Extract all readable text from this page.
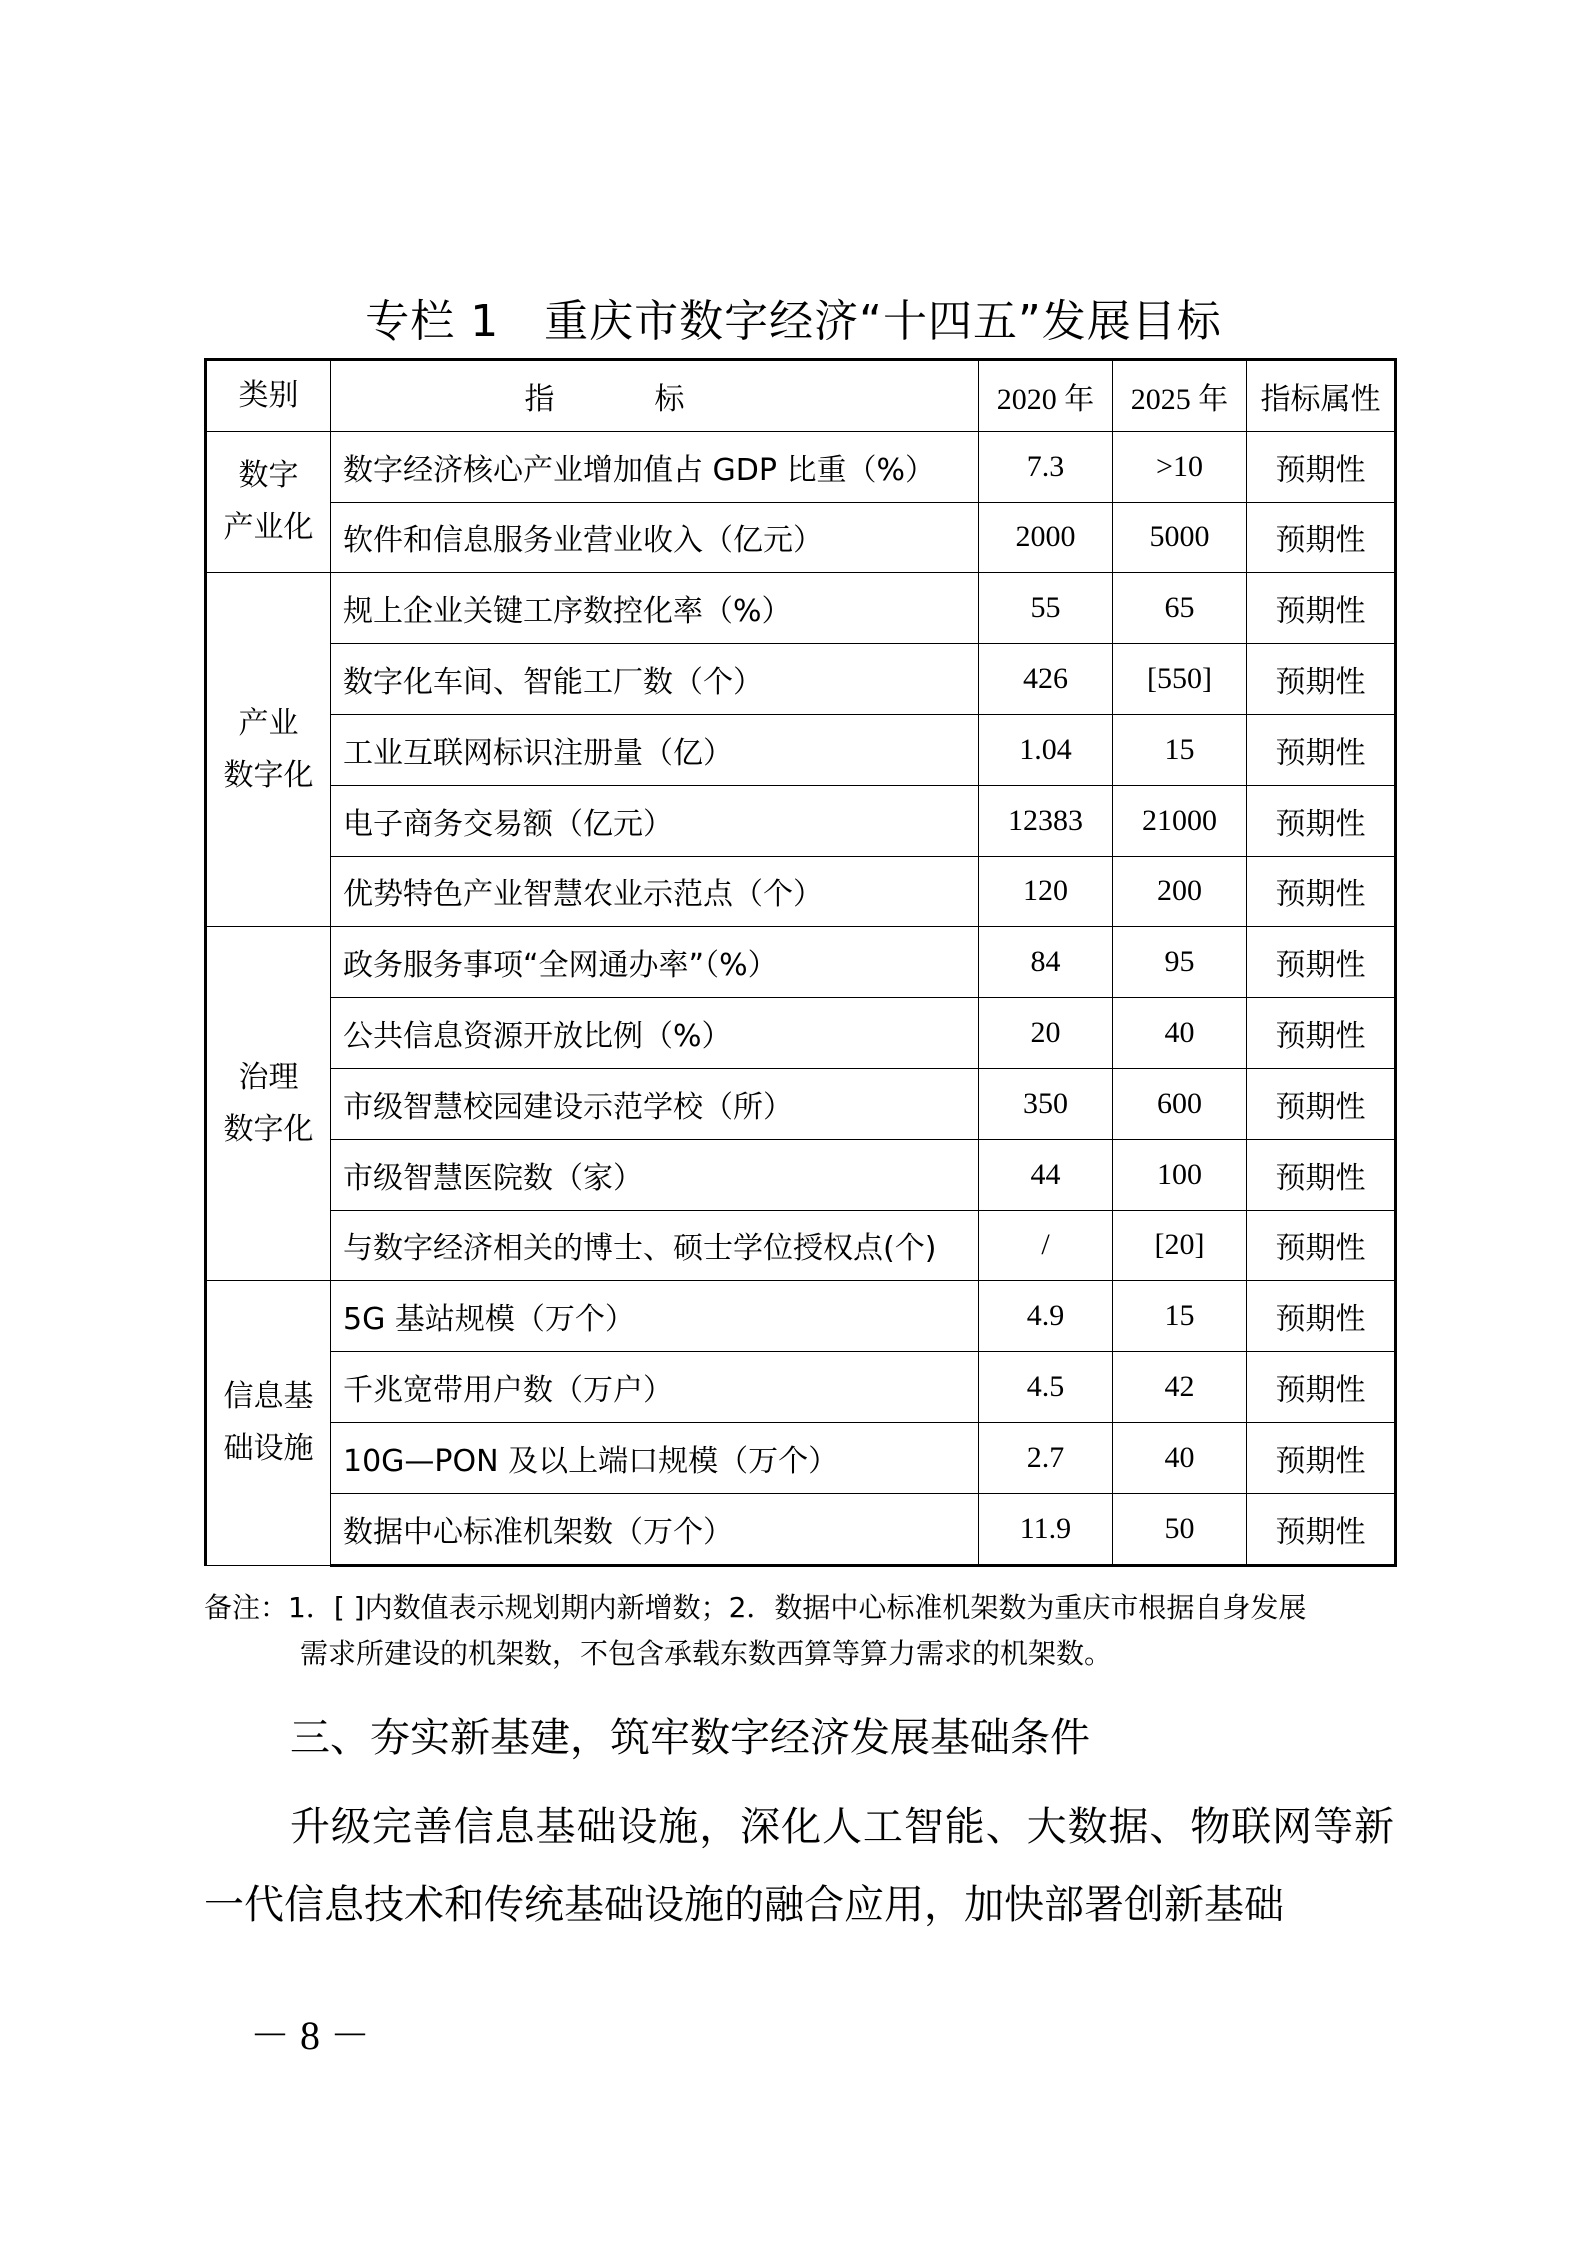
专栏 1　重庆市数字经济“十四五”发展目标
类别	指标	2020 年	2025 年	指标属性
数字
产业化	数字经济核心产业增加值占 GDP 比重（%）	7.3	>10	预期性
	软件和信息服务业营业收入（亿元）	2000	5000	预期性
产业
数字化	规上企业关键工序数控化率（%）	55	65	预期性
	数字化车间、智能工厂数（个）	426	[550]	预期性
	工业互联网标识注册量（亿）	1.04	15	预期性
	电子商务交易额（亿元）	12383	21000	预期性
	优势特色产业智慧农业示范点（个）	120	200	预期性
治理
数字化	政务服务事项“全网通办率”（%）	84	95	预期性
	公共信息资源开放比例（%）	20	40	预期性
	市级智慧校园建设示范学校（所）	350	600	预期性
	市级智慧医院数（家）	44	100	预期性
	与数字经济相关的博士、硕士学位授权点(个)	/	[20]	预期性
信息基
础设施	5G 基站规模（万个）	4.9	15	预期性
	千兆宽带用户数（万户）	4.5	42	预期性
	10G—PON 及以上端口规模（万个）	2.7	40	预期性
	数据中心标准机架数（万个）	11.9	50	预期性
备注：1．[ ]内数值表示规划期内新增数；2．数据中心标准机架数为重庆市根据自身发展
需求所建设的机架数，不包含承载东数西算等算力需求的机架数。
三、夯实新基建，筑牢数字经济发展基础条件
升级完善信息基础设施，深化人工智能、大数据、物联网等新一代信息技术和传统基础设施的融合应用，加快部署创新基础
－ 8 －
